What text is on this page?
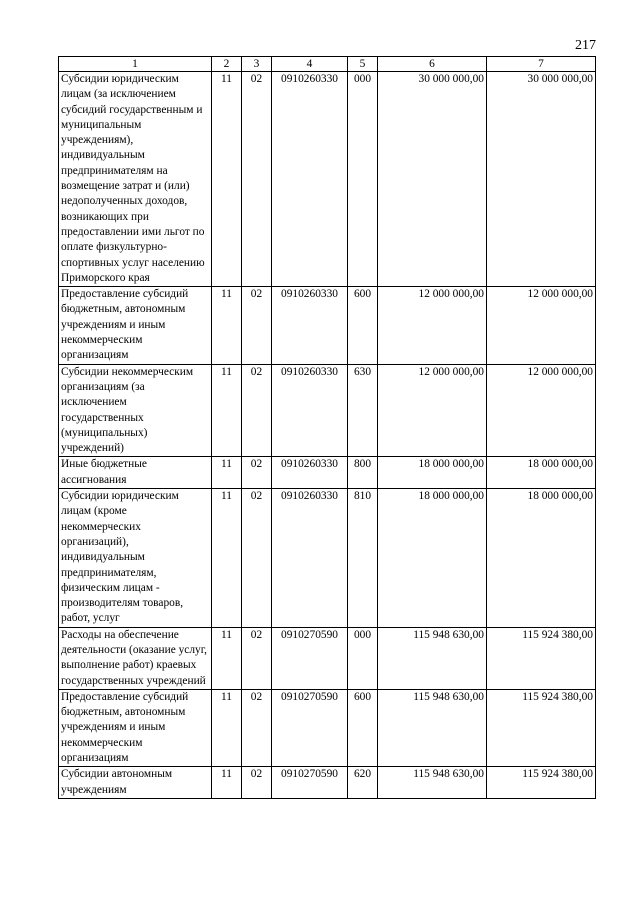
217
1	2	3	4	5	6	7
Субсидии юридическим лицам (за исключением субсидий государственным и муниципальным учреждениям), индивидуальным предпринимателям на возмещение затрат и (или) недополученных доходов, возникающих при предоставлении ими льгот по оплате физкультурно-спортивных услуг населению Приморского края	11	02	0910260330	000	30 000 000,00	30 000 000,00
Предоставление субсидий бюджетным, автономным учреждениям и иным некоммерческим организациям	11	02	0910260330	600	12 000 000,00	12 000 000,00
Субсидии некоммерческим организациям (за исключением государственных (муниципальных) учреждений)	11	02	0910260330	630	12 000 000,00	12 000 000,00
Иные бюджетные ассигнования	11	02	0910260330	800	18 000 000,00	18 000 000,00
Субсидии юридическим лицам (кроме некоммерческих организаций), индивидуальным предпринимателям, физическим лицам - производителям товаров, работ, услуг	11	02	0910260330	810	18 000 000,00	18 000 000,00
Расходы на обеспечение деятельности (оказание услуг, выполнение работ) краевых государственных учреждений	11	02	0910270590	000	115 948 630,00	115 924 380,00
Предоставление субсидий бюджетным, автономным учреждениям и иным некоммерческим организациям	11	02	0910270590	600	115 948 630,00	115 924 380,00
Субсидии автономным учреждениям	11	02	0910270590	620	115 948 630,00	115 924 380,00
